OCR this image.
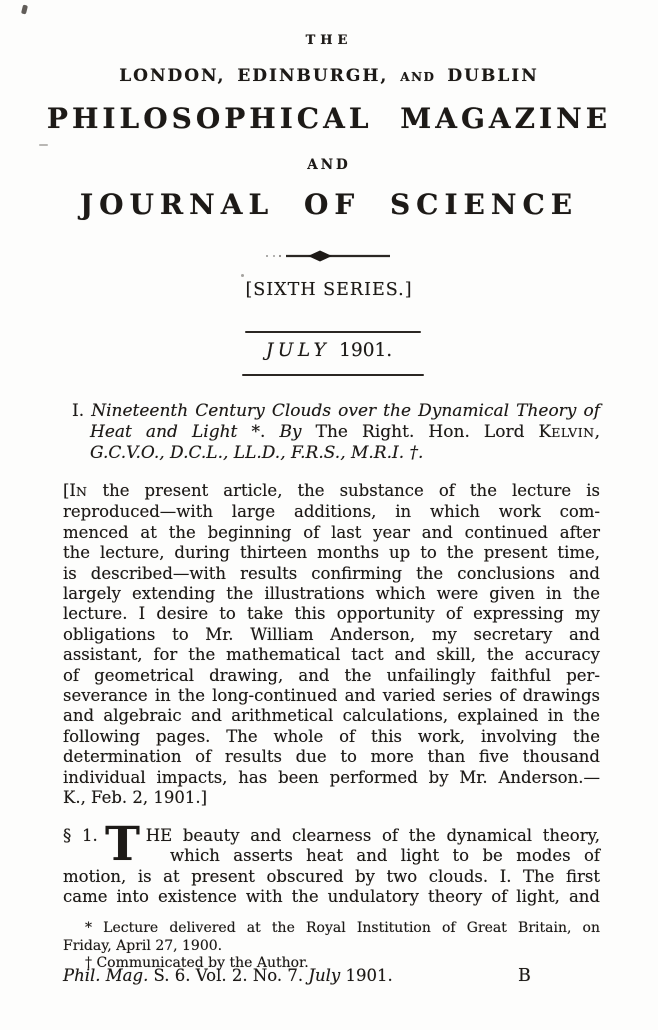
THE
LONDON, EDINBURGH, AND DUBLIN
PHILOSOPHICAL MAGAZINE
AND
JOURNAL OF SCIENCE
[SIXTH SERIES.]
JULY 1901.
I. Nineteenth Century Clouds over the Dynamical Theory of
Heat and Light *. By The Right. Hon. Lord KELVIN,
G.C.V.O., D.C.L., LL.D., F.R.S., M.R.I. †.
[IN the present article, the substance of the lecture is
reproduced—with large additions, in which work com-
menced at the beginning of last year and continued after
the lecture, during thirteen months up to the present time,
is described—with results confirming the conclusions and
largely extending the illustrations which were given in the
lecture. I desire to take this opportunity of expressing my
obligations to Mr. William Anderson, my secretary and
assistant, for the mathematical tact and skill, the accuracy
of geometrical drawing, and the unfailingly faithful per-
severance in the long-continued and varied series of drawings
and algebraic and arithmetical calculations, explained in the
following pages. The whole of this work, involving the
determination of results due to more than five thousand
individual impacts, has been performed by Mr. Anderson.—
K., Feb. 2, 1901.]
T
§ 1.	HE beauty and clearness of the dynamical theory,
which asserts heat and light to be modes of
motion, is at present obscured by two clouds. I. The first
came into existence with the undulatory theory of light, and
* Lecture delivered at the Royal Institution of Great Britain, on
Friday, April 27, 1900.
† Communicated by the Author.
Phil. Mag. S. 6. Vol. 2. No. 7. July 1901.	B
